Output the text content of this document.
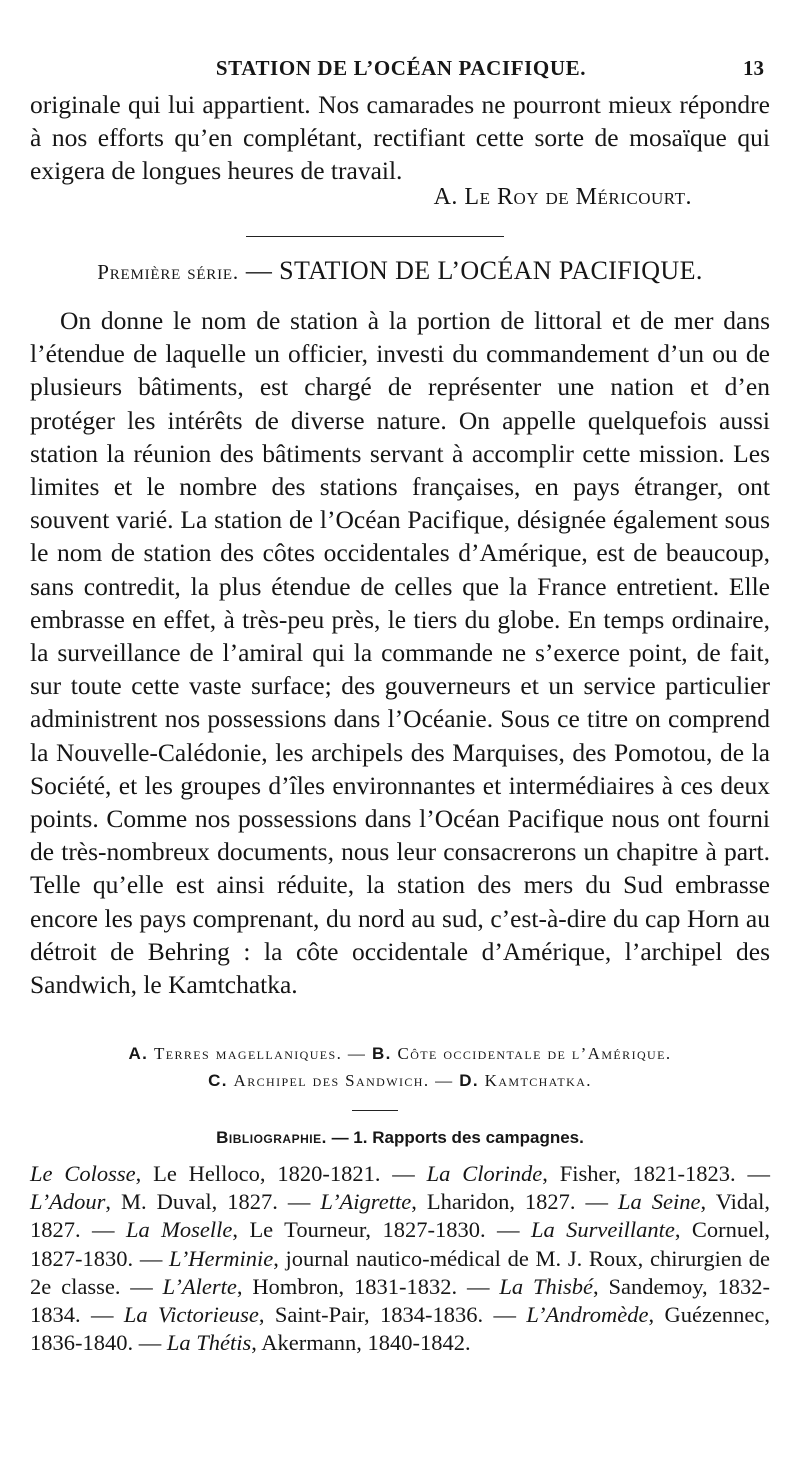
STATION DE L’OCÉAN PACIFIQUE.	13

originale qui lui appartient. Nos camarades ne pourront mieux répondre à nos efforts qu’en complétant, rectifiant cette sorte de mosaïque qui exigera de longues heures de travail.

A. Le Roy de Méricourt.
Première série. — STATION DE L’OCÉAN PACIFIQUE.

On donne le nom de station à la portion de littoral et de mer dans l’étendue de laquelle un officier, investi du commandement d’un ou de plusieurs bâtiments, est chargé de représenter une nation et d’en protéger les intérêts de diverse nature. On appelle quelquefois aussi station la réunion des bâtiments servant à accomplir cette mission. Les limites et le nombre des stations françaises, en pays étranger, ont souvent varié. La station de l’Océan Pacifique, désignée également sous le nom de station des côtes occidentales d’Amérique, est de beaucoup, sans contredit, la plus étendue de celles que la France entretient. Elle embrasse en effet, à très-peu près, le tiers du globe. En temps ordinaire, la surveillance de l’amiral qui la commande ne s’exerce point, de fait, sur toute cette vaste surface; des gouverneurs et un service particulier administrent nos possessions dans l’Océanie. Sous ce titre on comprend la Nouvelle-Calédonie, les archipels des Marquises, des Pomotou, de la Société, et les groupes d’îles environnantes et intermédiaires à ces deux points. Comme nos possessions dans l’Océan Pacifique nous ont fourni de très-nombreux documents, nous leur consacrerons un chapitre à part. Telle qu’elle est ainsi réduite, la station des mers du Sud embrasse encore les pays comprenant, du nord au sud, c’est-à-dire du cap Horn au détroit de Behring : la côte occidentale d’Amérique, l’archipel des Sandwich, le Kamtchatka.

A. Terres magellaniques. — B. Côte occidentale de l’Amérique.
C. Archipel des Sandwich. — D. Kamtchatka.
Bibliographie. — 1. Rapports des campagnes.

Le Colosse, Le Helloco, 1820-1821. — La Clorinde, Fisher, 1821-1823. — L’Adour, M. Duval, 1827. — L’Aigrette, Lharidon, 1827. — La Seine, Vidal, 1827. — La Moselle, Le Tourneur, 1827-1830. — La Surveillante, Cornuel, 1827-1830. — L’Herminie, journal nautico-médical de M. J. Roux, chirurgien de 2e classe. — L’Alerte, Hombron, 1831-1832. — La Thisbé, Sandemoy, 1832-1834. — La Victorieuse, Saint-Pair, 1834-1836. — L’Andromède, Guézennec, 1836-1840. — La Thétis, Akermann, 1840-1842.
